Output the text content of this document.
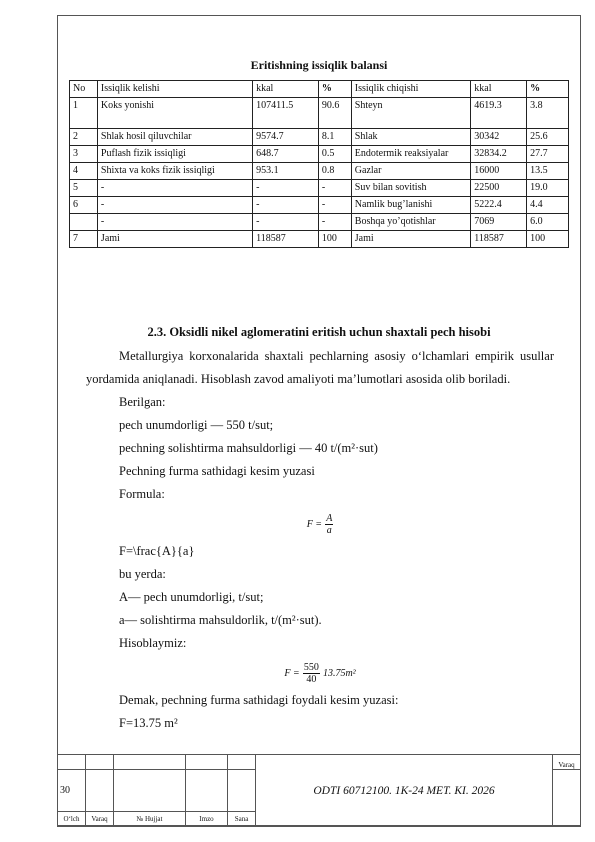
Eritishning issiqlik balansi
No	Issiqlik kelishi	kkal	%	Issiqlik chiqishi	kkal	%
1	Koks yonishi	107411.5	90.6	Shteyn	4619.3	3.8
2	Shlak hosil qiluvchilar	9574.7	8.1	Shlak	30342	25.6
3	Puflash fizik issiqligi	648.7	0.5	Endotermik reaksiyalar	32834.2	27.7
4	Shixta va koks fizik issiqligi	953.1	0.8	Gazlar	16000	13.5
5	-	-	-	Suv bilan sovitish	22500	19.0
6	-	-	-	Namlik bug’lanishi	5222.4	4.4
	-	-	-	Boshqa yo’qotishlar	7069	6.0
7	Jami	118587	100	Jami	118587	100
2.3. Oksidli nikel aglomeratini eritish uchun shaxtali pech hisobi
Metallurgiya korxonalarida shaxtali pechlarning asosiy o‘lchamlari empirik usullar yordamida aniqlanadi. Hisoblash zavod amaliyoti ma’lumotlari asosida olib boriladi.
Berilgan:
pech unumdorligi — 550 t/sut;
pechning solishtirma mahsuldorligi — 40 t/(m²·sut)
Pechning furma sathidagi kesim yuzasi
Formula:
$F = \frac{A}{a}$
F=\frac{A}{a}
bu yerda:
A— pech unumdorligi, t/sut;
a— solishtirma mahsuldorlik, t/(m²·sut).
Hisoblaymiz:
$F = \frac{550}{40} 13.75m^2$
Demak, pechning furma sathidagi foydali kesim yuzasi:
F=13.75 m²
					ODTI 60712100. 1K-24 MET. KI. 2026	Varaq
30						
O‘lch	Varaq	№ Hujjat	Imzo	Sana		
